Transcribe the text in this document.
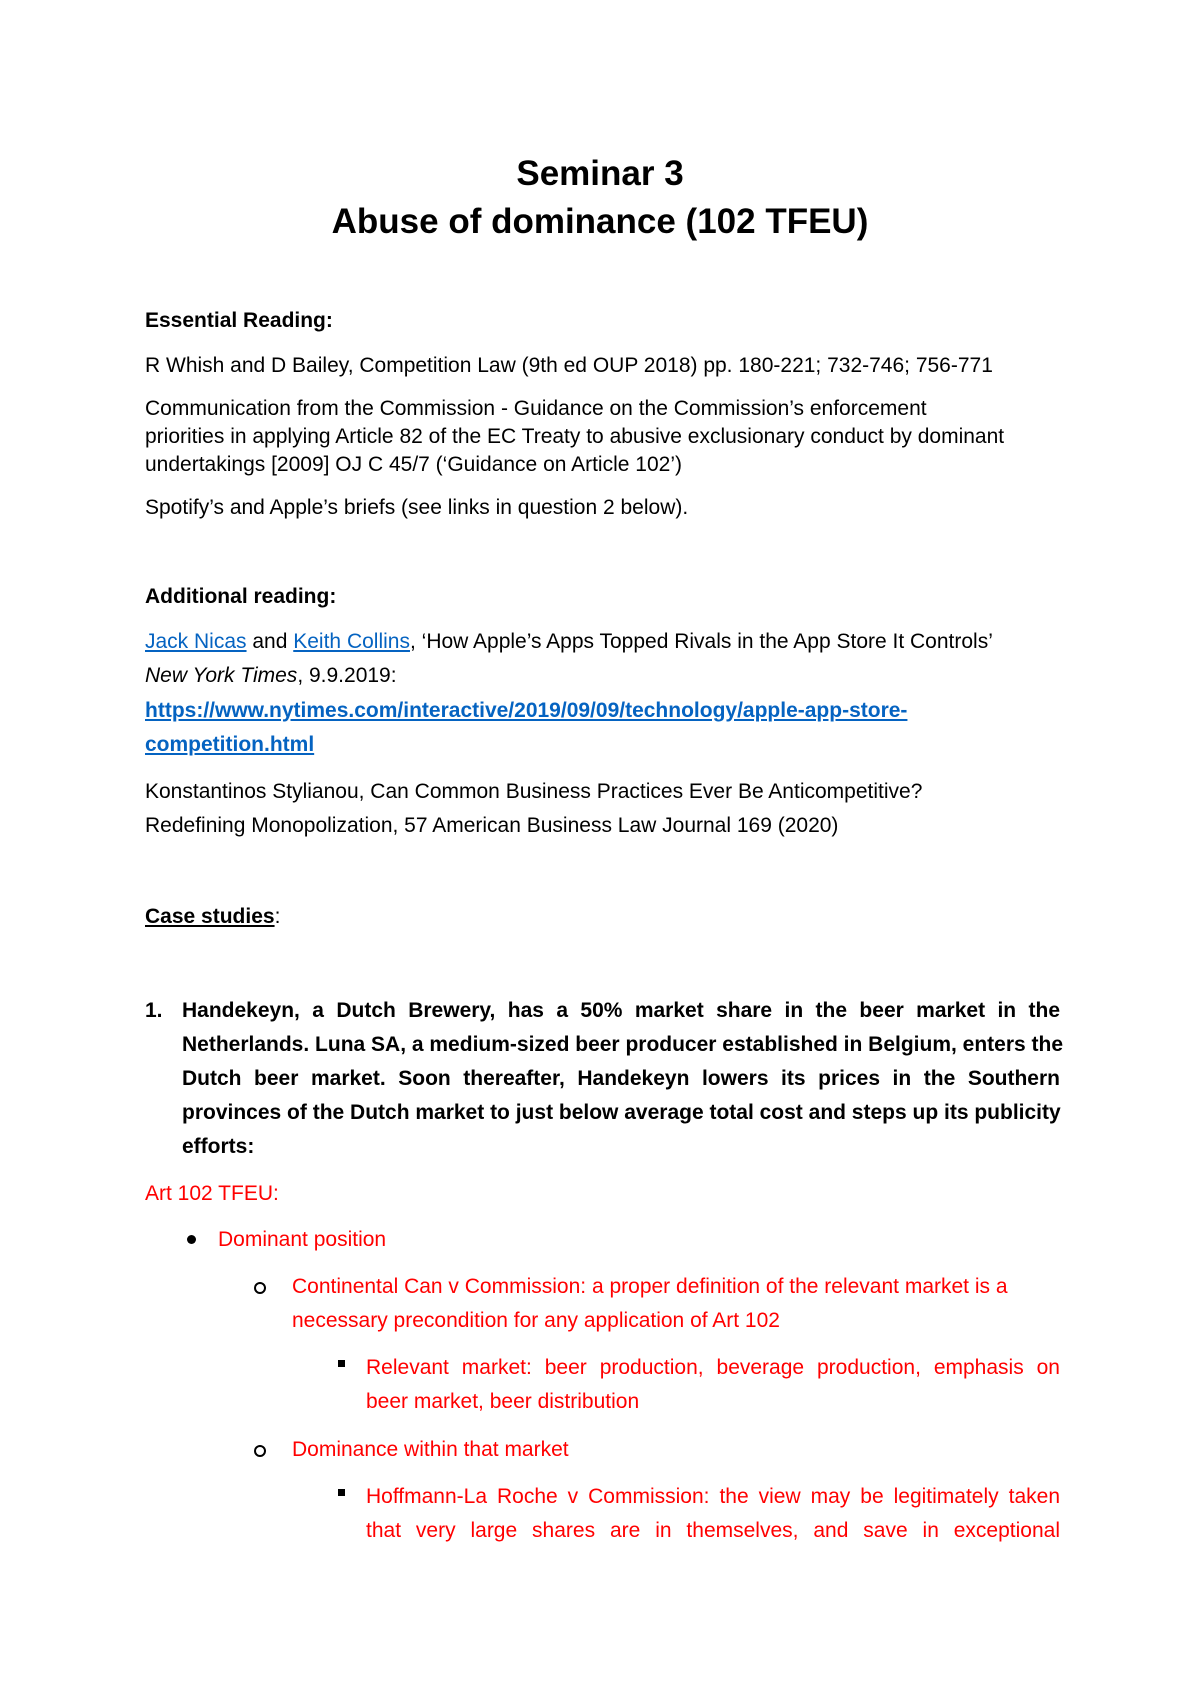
Seminar 3
Abuse of dominance (102 TFEU)
Essential Reading:
R Whish and D Bailey, Competition Law (9th ed OUP 2018) pp. 180-221; 732-746; 756-771
Communication from the Commission - Guidance on the Commission’s enforcement
priorities in applying Article 82 of the EC Treaty to abusive exclusionary conduct by dominant
undertakings [2009] OJ C 45/7 (‘Guidance on Article 102’)
Spotify’s and Apple’s briefs (see links in question 2 below).
Additional reading:
Jack Nicas and Keith Collins, ‘How Apple’s Apps Topped Rivals in the App Store It Controls’
New York Times, 9.9.2019:
https://www.nytimes.com/interactive/2019/09/09/technology/apple-app-store-
competition.html
Konstantinos Stylianou, Can Common Business Practices Ever Be Anticompetitive?
Redefining Monopolization, 57 American Business Law Journal 169 (2020)
Case studies:
1. Handekeyn, a Dutch Brewery, has a 50% market share in the beer market in the
Netherlands. Luna SA, a medium-sized beer producer established in Belgium, enters the
Dutch beer market. Soon thereafter, Handekeyn lowers its prices in the Southern
provinces of the Dutch market to just below average total cost and steps up its publicity
efforts:
Art 102 TFEU:
Dominant position
Continental Can v Commission: a proper definition of the relevant market is a
necessary precondition for any application of Art 102
Relevant market: beer production, beverage production, emphasis on
beer market, beer distribution
Dominance within that market
Hoffmann-La Roche v Commission: the view may be legitimately taken
that very large shares are in themselves, and save in exceptional
